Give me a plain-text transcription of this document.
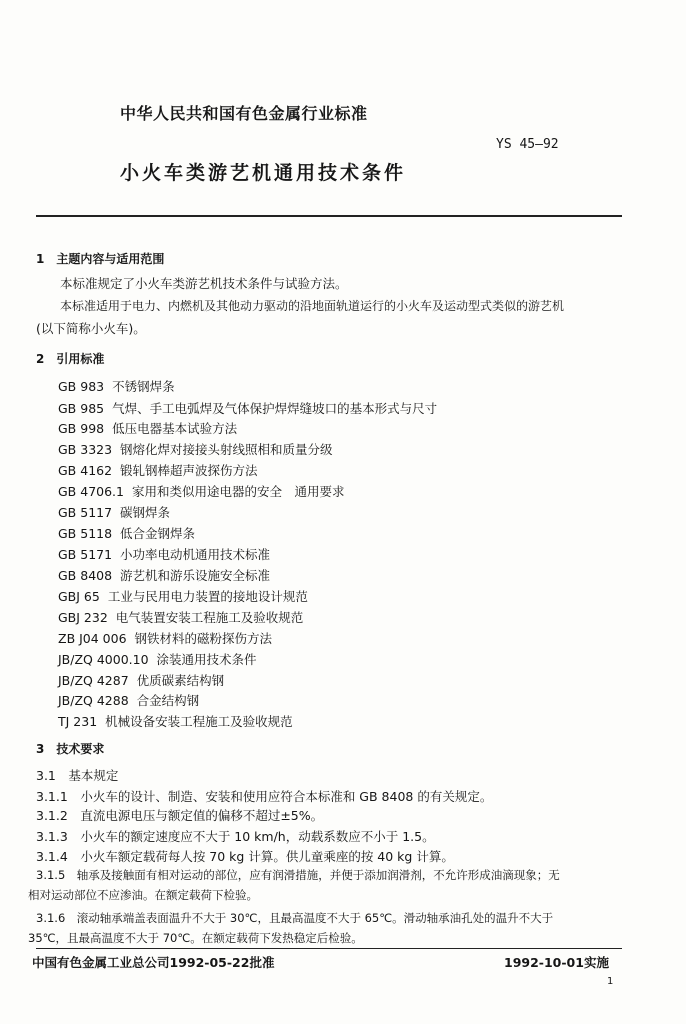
中华人民共和国有色金属行业标准
YS 45—92
小火车类游艺机通用技术条件
1　主题内容与适用范围
本标准规定了小火车类游艺机技术条件与试验方法。
本标准适用于电力、内燃机及其他动力驱动的沿地面轨道运行的小火车及运动型式类似的游艺机
(以下简称小火车)。
2　引用标准
GB 983 不锈钢焊条
GB 985 气焊、手工电弧焊及气体保护焊焊缝坡口的基本形式与尺寸
GB 998 低压电器基本试验方法
GB 3323 钢熔化焊对接接头射线照相和质量分级
GB 4162 锻轧钢棒超声波探伤方法
GB 4706.1 家用和类似用途电器的安全　通用要求
GB 5117 碳钢焊条
GB 5118 低合金钢焊条
GB 5171 小功率电动机通用技术标准
GB 8408 游艺机和游乐设施安全标准
GBJ 65 工业与民用电力装置的接地设计规范
GBJ 232 电气装置安装工程施工及验收规范
ZB J04 006 钢铁材料的磁粉探伤方法
JB/ZQ 4000.10 涂装通用技术条件
JB/ZQ 4287 优质碳素结构钢
JB/ZQ 4288 合金结构钢
TJ 231 机械设备安装工程施工及验收规范
3　技术要求
3.1　基本规定
3.1.1　 小火车的设计、制造、安装和使用应符合本标准和 GB 8408 的有关规定。
3.1.2　 直流电源电压与额定值的偏移不超过±5%。
3.1.3　 小火车的额定速度应不大于 10 km/h，动载系数应不小于 1.5。
3.1.4　 小火车额定载荷每人按 70 kg 计算。供儿童乘座的按 40 kg 计算。
3.1.5　轴承及接触面有相对运动的部位，应有润滑措施，并便于添加润滑剂，不允许形成油滴现象；无
相对运动部位不应渗油。在额定载荷下检验。
3.1.6　滚动轴承端盖表面温升不大于 30℃，且最高温度不大于 65℃。滑动轴承油孔处的温升不大于
35℃，且最高温度不大于 70℃。在额定载荷下发热稳定后检验。
中国有色金属工业总公司1992-05-22批准	1992-10-01实施
1
